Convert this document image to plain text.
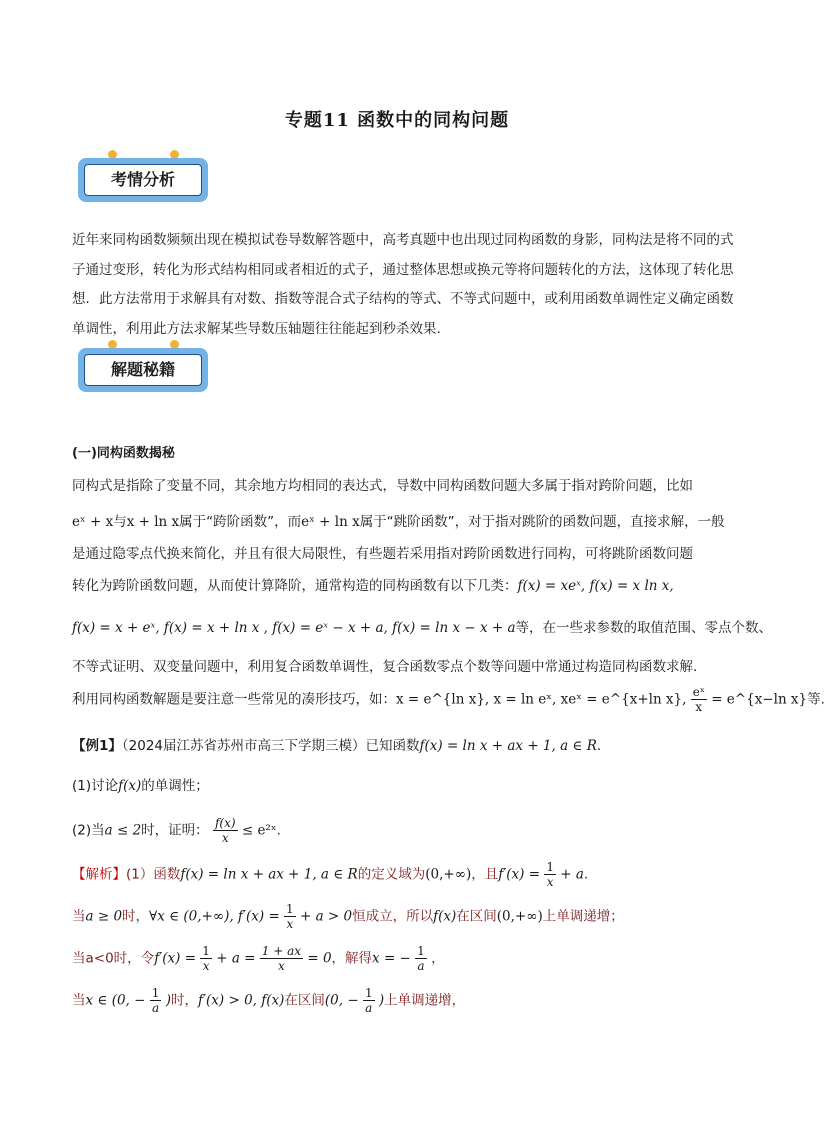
专题11 函数中的同构问题
考情分析

近年来同构函数频频出现在模拟试卷导数解答题中，高考真题中也出现过同构函数的身影，同构法是将不同的式子通过变形，转化为形式结构相同或者相近的式子，通过整体思想或换元等将问题转化的方法，这体现了转化思想．此方法常用于求解具有对数、指数等混合式子结构的等式、不等式问题中，或利用函数单调性定义确定函数单调性，利用此方法求解某些导数压轴题往往能起到秒杀效果.

解题秘籍
(一)同构函数揭秘
同构式是指除了变量不同，其余地方均相同的表达式，导数中同构函数问题大多属于指对跨阶问题，比如
eˣ + x与x + ln x属于“跨阶函数”，而eˣ + ln x属于“跳阶函数”，对于指对跳阶的函数问题，直接求解，一般
是通过隐零点代换来简化，并且有很大局限性，有些题若采用指对跨阶函数进行同构，可将跳阶函数问题
转化为跨阶函数问题，从而使计算降阶，通常构造的同构函数有以下几类：f(x) = xeˣ, f(x) = x ln x,
f(x) = x + eˣ, f(x) = x + ln x , f(x) = eˣ − x + a, f(x) = ln x − x + a等，在一些求参数的取值范围、零点个数、
不等式证明、双变量问题中，利用复合函数单调性，复合函数零点个数等问题中常通过构造同构函数求解.
利用同构函数解题是要注意一些常见的凑形技巧，如：x = e^{ln x}, x = ln eˣ, xeˣ = e^{x+ln x}, $\frac{\text{eˣ}}{x}$ = e^{x−ln x}等.
【例1】（2024届江苏省苏州市高三下学期三模）已知函数f(x) = ln x + ax + 1, a ∈ R.
(1)讨论f(x)的单调性；
(2)当a ≤ 2时，证明： $\frac{f(x)}{x}$ ≤ e²ˣ.
【解析】(1）函数f(x) = ln x + ax + 1, a ∈ R的定义域为(0,+∞)，且$f'(x) = \frac{1}{x} + a$.
当a ≥ 0时，∀x ∈ (0,+∞), $f'(x) = \frac{1}{x} + a > 0$恒成立，所以f(x)在区间(0,+∞)上单调递增；
当a<0时，令$f'(x) = \frac{1}{x} + a = \frac{1 + ax}{x} = 0$，解得x = − $\frac{1}{a}$ ，
当x ∈ (0, − $\frac{1}{a}$ )时，f′(x) > 0, f(x)在区间(0, − $\frac{1}{a}$ )上单调递增，
